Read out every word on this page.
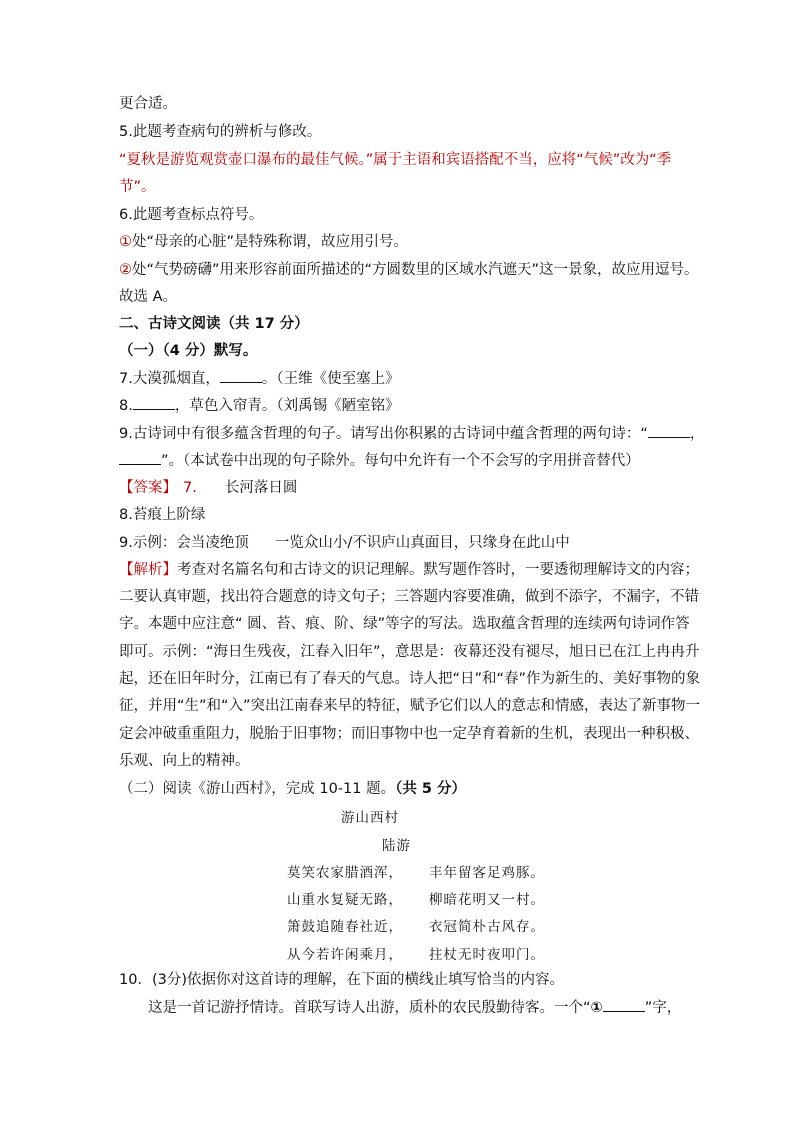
更合适。
5.此题考查病句的辨析与修改。
“夏秋是游览观赏壶口瀑布的最佳气候。”属于主语和宾语搭配不当，应将“气候”改为“季
节”。
6.此题考查标点符号。
①处“母亲的心脏”是特殊称谓，故应用引号。
②处“气势磅礴”用来形容前面所描述的“方圆数里的区域水汽遮天”这一景象，故应用逗号。
故选 A。
二、古诗文阅读（共 17 分）
（一）（4 分）默写。
7.大漠孤烟直，	。（王维《使至塞上》
8.	，草色入帘青。（刘禹锡《陋室铭》
9.古诗词中有很多蕴含哲理的句子。请写出你积累的古诗词中蕴含哲理的两句诗：“	，
”。（本试卷中出现的句子除外。每句中允许有一个不会写的字用拼音替代）
【答案】 7. 长河落日圆
8.苔痕上阶绿
9.示例：会当凌绝顶 一览众山小/不识庐山真面目，只缘身在此山中
【解析】考查对名篇名句和古诗文的识记理解。默写题作答时，一要透彻理解诗文的内容；
二要认真审题，找出符合题意的诗文句子；三答题内容要准确，做到不添字，不漏字，不错
字。本题中应注意“ 圆、苔、痕、阶、绿”等字的写法。选取蕴含哲理的连续两句诗词作答
即可。示例：“海日生残夜，江春入旧年”，意思是：夜幕还没有褪尽，旭日已在江上冉冉升
起，还在旧年时分，江南已有了春天的气息。诗人把“日”和“春”作为新生的、美好事物的象
征，并用“生”和“入”突出江南春来早的特征，赋予它们以人的意志和情感，表达了新事物一
定会冲破重重阻力，脱胎于旧事物；而旧事物中也一定孕育着新的生机，表现出一种积极、
乐观、向上的精神。
（二）阅读《游山西村》，完成 10-11 题。（共 5 分）
游山西村
陆游
莫笑农家腊酒浑， 丰年留客足鸡豚。
山重水复疑无路， 柳暗花明又一村。
箫鼓追随春社近， 衣冠简朴古风存。
从今若许闲乘月， 拄杖无时夜叩门。
10．(3分)依据你对这首诗的理解，在下面的横线止填写恰当的内容。
这是一首记游抒情诗。首联写诗人出游，质朴的农民殷勤待客。一个“①	”字，
